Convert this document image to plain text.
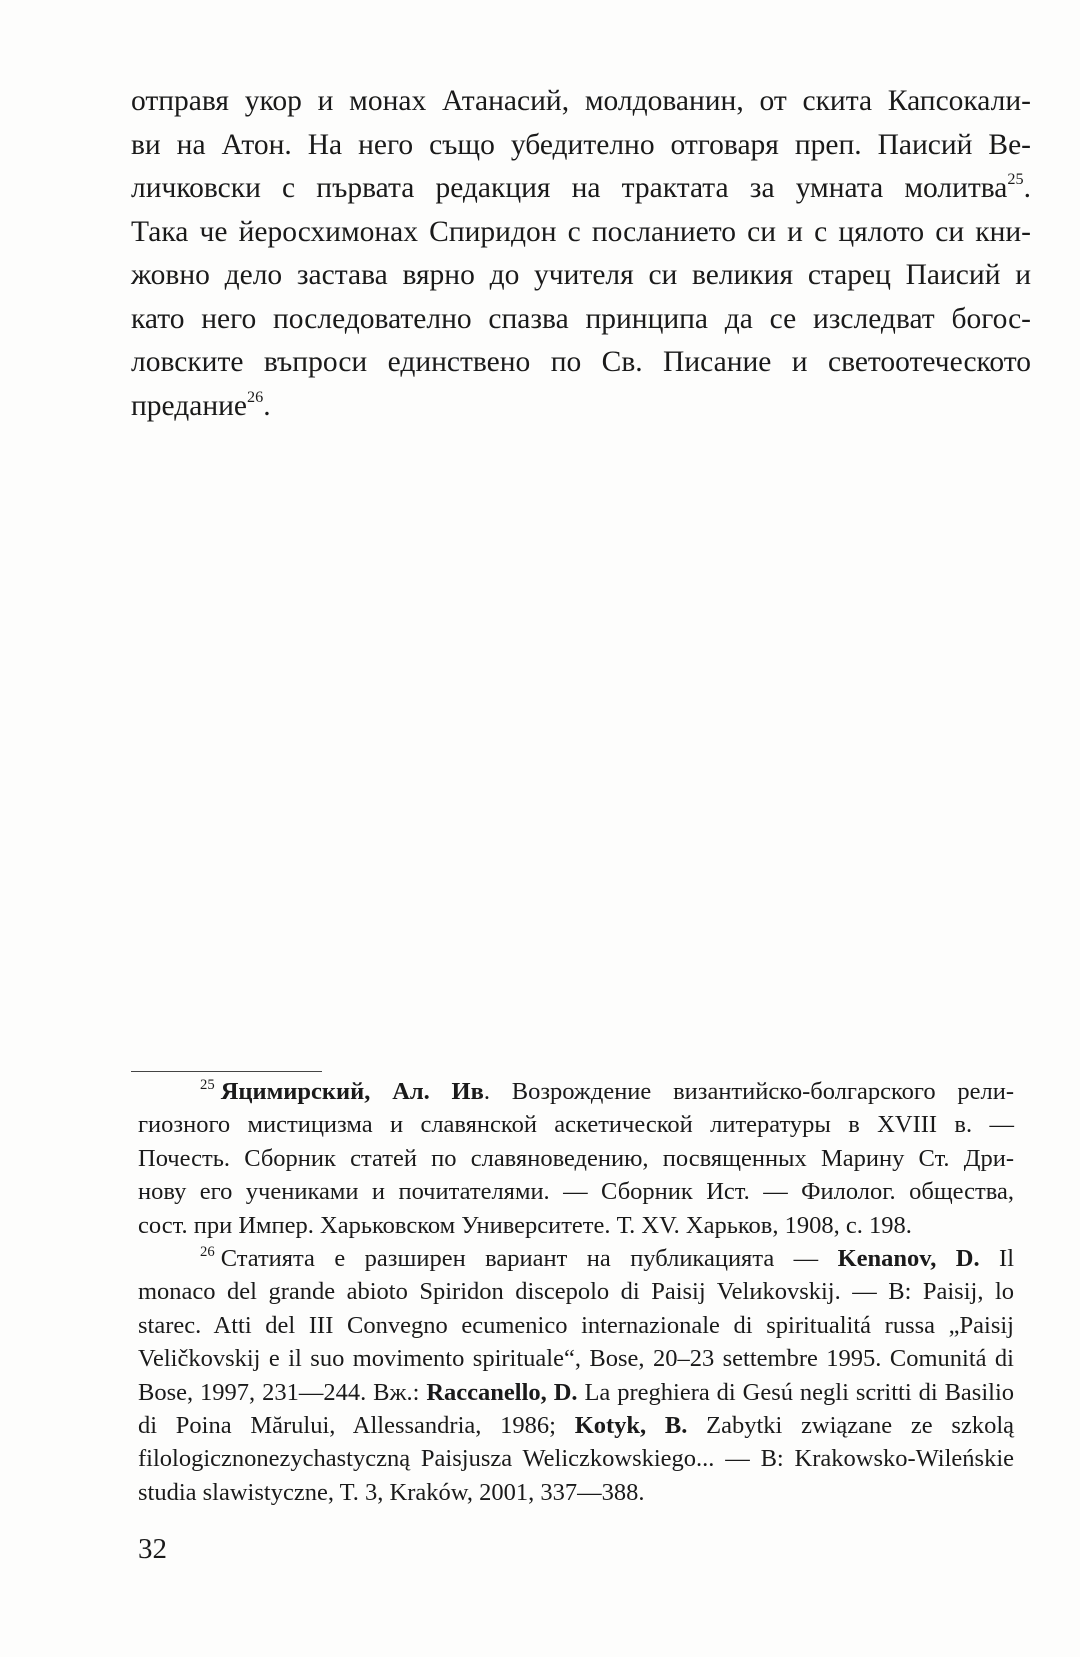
отправя укор и монах Атанасий, молдованин, от скита Капсокали-
ви на Атон. На него също убедително отговаря преп. Паисий Ве-
личковски с първата редакция на трактата за умната молитва$^{25}$.
Така че йеросхимонах Спиридон с посланието си и с цялото си кни-
жовно дело застава вярно до учителя си великия старец Паисий и
като него последователно спазва принципа да се изследват богос-
ловските въпроси единствено по Св. Писание и светоотеческото
предание$^{26}$.
$^{25}$ Яцимирский, Ал. Ив. Возрождение византийско-болгарского рели-
гиозного мистицизма и славянской аскетической литературы в XVIII в. —
Почесть. Сборник статей по славяноведению, посвященных Марину Ст. Дри-
нову его учениками и почитателями. — Сборник Ист. — Филолог. общества,
сост. при Импер. Харьковском Университете. Т. XV. Харьков, 1908, с. 198.
$^{26}$ Статията е разширен вариант на публикацията — Kenanov, D. Il
monaco del grande abioto Spiridon discepolo di Paisij Velиkovskij. — B: Paisij, lo
starec. Atti del III Convegno ecumenico internazionale di spiritualitá russa „Paisij
Veličkovskij e il suo movimento spirituale“, Bose, 20–23 settembre 1995. Comunitá di
Bose, 1997, 231—244. Вж.: Raccanello, D. La preghiera di Gesú negli scritti di Basilio
di Poina Mărului, Allessandria, 1986; Kotyk, B. Zabytki związane ze szkolą
filologicznonezychastyczną Paisjusza Weliczkowskiego... — В: Krakowsko-Wileńskie
studia slawistyczne, T. 3, Kraków, 2001, 337—388.
32
